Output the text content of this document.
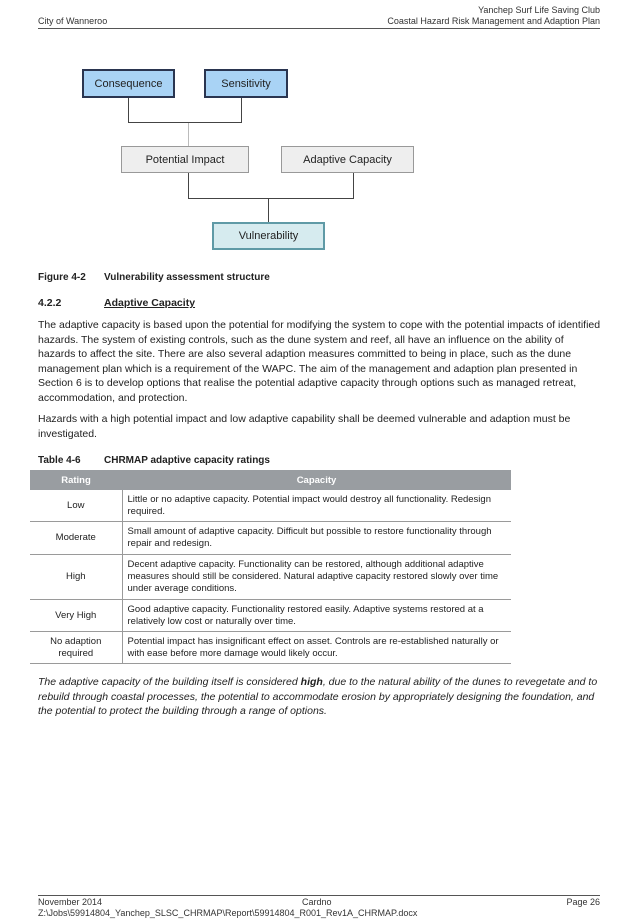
City of Wanneroo
Yanchep Surf Life Saving Club
Coastal Hazard Risk Management and Adaption Plan
Consequence	Sensitivity
Potential Impact	Adaptive Capacity
Vulnerability
Figure 4-2 Vulnerability assessment structure
4.2.2	Adaptive Capacity

The adaptive capacity is based upon the potential for modifying the system to cope with the potential impacts of identified hazards. The system of existing controls, such as the dune system and reef, all have an influence on the ability of hazards to affect the site. There are also several adaption measures committed to being in place, such as the dune management plan which is a requirement of the WAPC. The aim of the management and adaption plan presented in Section 6 is to develop options that realise the potential adaptive capacity through options such as managed retreat, accommodation, and protection.

Hazards with a high potential impact and low adaptive capability shall be deemed vulnerable and adaption must be investigated.

Table 4-6 CHRMAP adaptive capacity ratings
Rating	Capacity
Low	Little or no adaptive capacity. Potential impact would destroy all functionality. Redesign required.
Moderate	Small amount of adaptive capacity. Difficult but possible to restore functionality through repair and redesign.
High	Decent adaptive capacity. Functionality can be restored, although additional adaptive measures should still be considered. Natural adaptive capacity restored slowly over time under average conditions.
Very High	Good adaptive capacity. Functionality restored easily. Adaptive systems restored at a relatively low cost or naturally over time.
No adaption required	Potential impact has insignificant effect on asset. Controls are re-established naturally or with ease before more damage would likely occur.

The adaptive capacity of the building itself is considered high, due to the natural ability of the dunes to revegetate and to rebuild through coastal processes, the potential to accommodate erosion by appropriately designing the foundation, and the potential to protect the building through a range of options.

November 2014	Cardno	Page 26
Z:\Jobs\59914804_Yanchep_SLSC_CHRMAP\Report\59914804_R001_Rev1A_CHRMAP.docx
